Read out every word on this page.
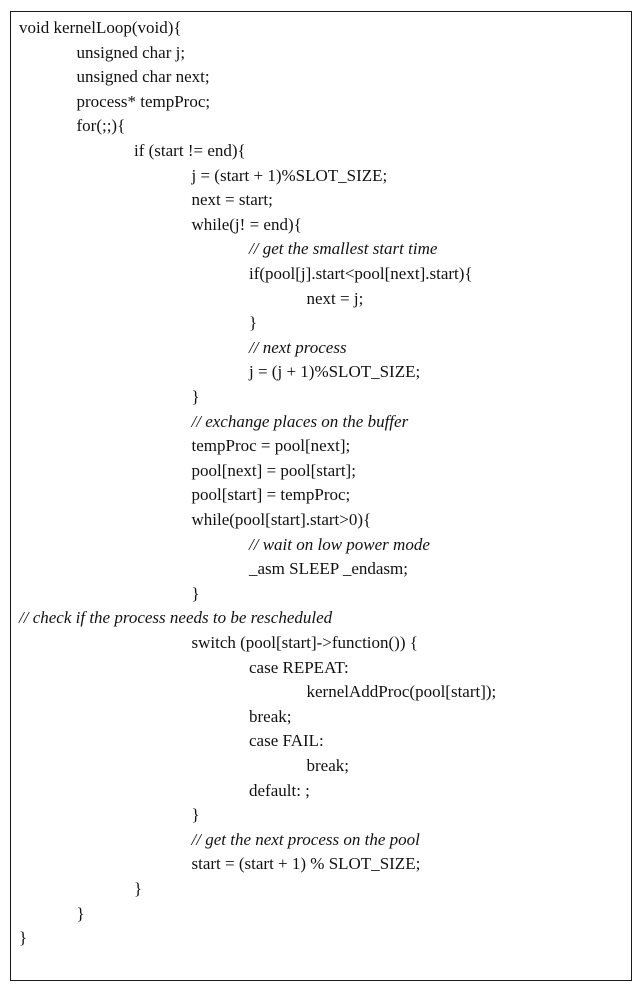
void kernelLoop(void){
unsigned char j;
unsigned char next;
process* tempProc;
for(;;){
if (start != end){
j = (start + 1)%SLOT_SIZE;
next = start;
while(j! = end){
// get the smallest start time
if(pool[j].start<pool[next].start){
next = j;
}
// next process
j = (j + 1)%SLOT_SIZE;
}
// exchange places on the buffer
tempProc = pool[next];
pool[next] = pool[start];
pool[start] = tempProc;
while(pool[start].start>0){
// wait on low power mode
_asm SLEEP _endasm;
}
// check if the process needs to be rescheduled
switch (pool[start]->function()) {
case REPEAT:
kernelAddProc(pool[start]);
break;
case FAIL:
break;
default: ;
}
// get the next process on the pool
start = (start + 1) % SLOT_SIZE;
}
}
}
